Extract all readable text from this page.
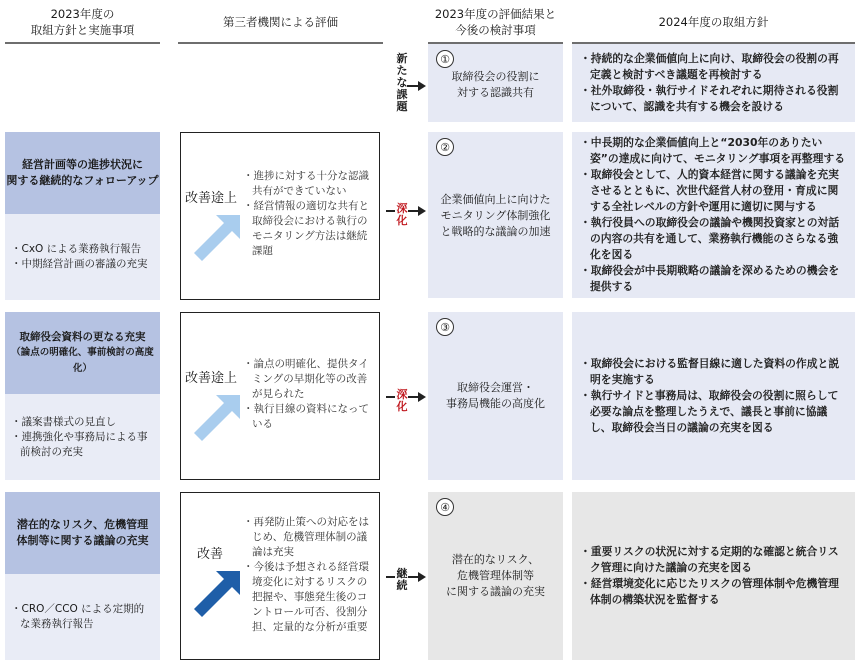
2023年度の
取組方針と実施事項
第三者機関による評価
2023年度の評価結果と
今後の検討事項
2024年度の取組方針
新
た
な
課
題
①
取締役会の役割に
対する認識共有
・持続的な企業価値向上に向け、取締役会の役割の再定義と検討すべき議題を再検討する
・社外取締役・執行サイドそれぞれに期待される役割について、認識を共有する機会を設ける
経営計画等の進捗状況に
関する継続的なフォローアップ
・CxO による業務執行報告
・中期経営計画の審議の充実
改善途上
・進捗に対する十分な認識共有ができていない
・経営情報の適切な共有と取締役会における執行のモニタリング方法は継続課題
深
化
②
企業価値向上に向けた
モニタリング体制強化
と戦略的な議論の加速
・中長期的な企業価値向上と“2030年のありたい姿”の達成に向けて、モニタリング事項を再整理する
・取締役会として、人的資本経営に関する議論を充実させるとともに、次世代経営人材の登用・育成に関する全社レベルの方針や運用に適切に関与する
・執行役員への取締役会の議論や機関投資家との対話の内容の共有を通して、業務執行機能のさらなる強化を図る
・取締役会が中長期戦略の議論を深めるための機会を提供する
取締役会資料の更なる充実
（論点の明確化、事前検討の高度化）
・議案書様式の見直し
・連携強化や事務局による事前検討の充実
改善途上
・論点の明確化、提供タイミングの早期化等の改善が見られた
・執行目線の資料になっている
深
化
③
取締役会運営・
事務局機能の高度化
・取締役会における監督目線に適した資料の作成と説明を実施する
・執行サイドと事務局は、取締役会の役割に照らして必要な論点を整理したうえで、議長と事前に協議し、取締役会当日の議論の充実を図る
潜在的なリスク、危機管理
体制等に関する議論の充実
・CRO／CCO による定期的な業務執行報告
改善
・再発防止策への対応をはじめ、危機管理体制の議論は充実
・今後は予想される経営環境変化に対するリスクの把握や、事態発生後のコントロール可否、役割分担、定量的な分析が重要
継
続
④
潜在的なリスク、
危機管理体制等
に関する議論の充実
・重要リスクの状況に対する定期的な確認と統合リスク管理に向けた議論の充実を図る
・経営環境変化に応じたリスクの管理体制や危機管理体制の構築状況を監督する
